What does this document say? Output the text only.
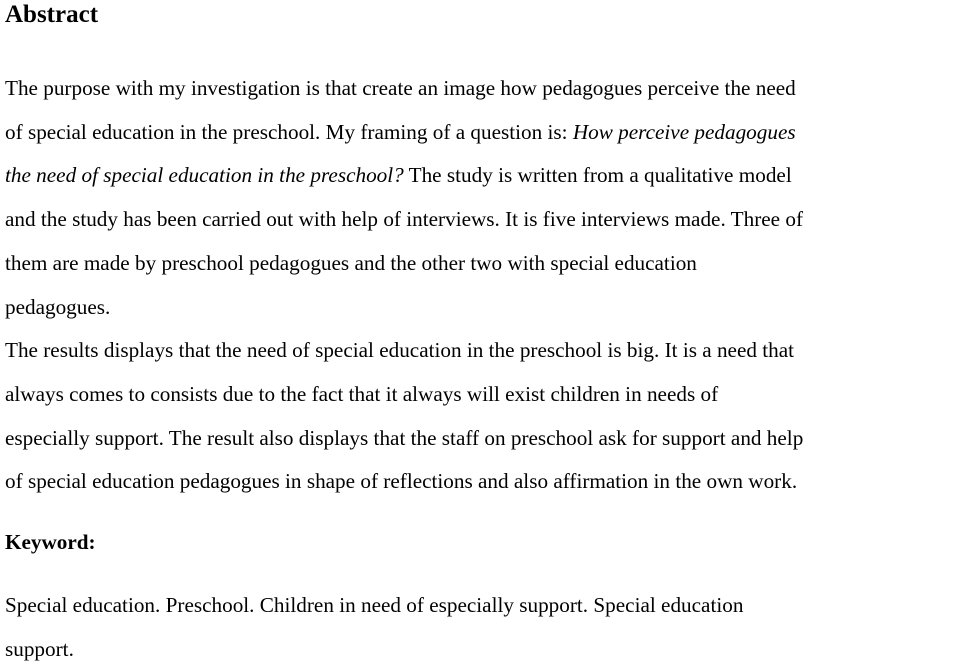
Abstract

The purpose with my investigation is that create an image how pedagogues perceive the need
of special education in the preschool. My framing of a question is: How perceive pedagogues
the need of special education in the preschool? The study is written from a qualitative model
and the study has been carried out with help of interviews. It is five interviews made. Three of
them are made by preschool pedagogues and the other two with special education
pedagogues.

The results displays that the need of special education in the preschool is big. It is a need that
always comes to consists due to the fact that it always will exist children in needs of
especially support. The result also displays that the staff on preschool ask for support and help
of special education pedagogues in shape of reflections and also affirmation in the own work.

Keyword:

Special education. Preschool. Children in need of especially support. Special education
support.
